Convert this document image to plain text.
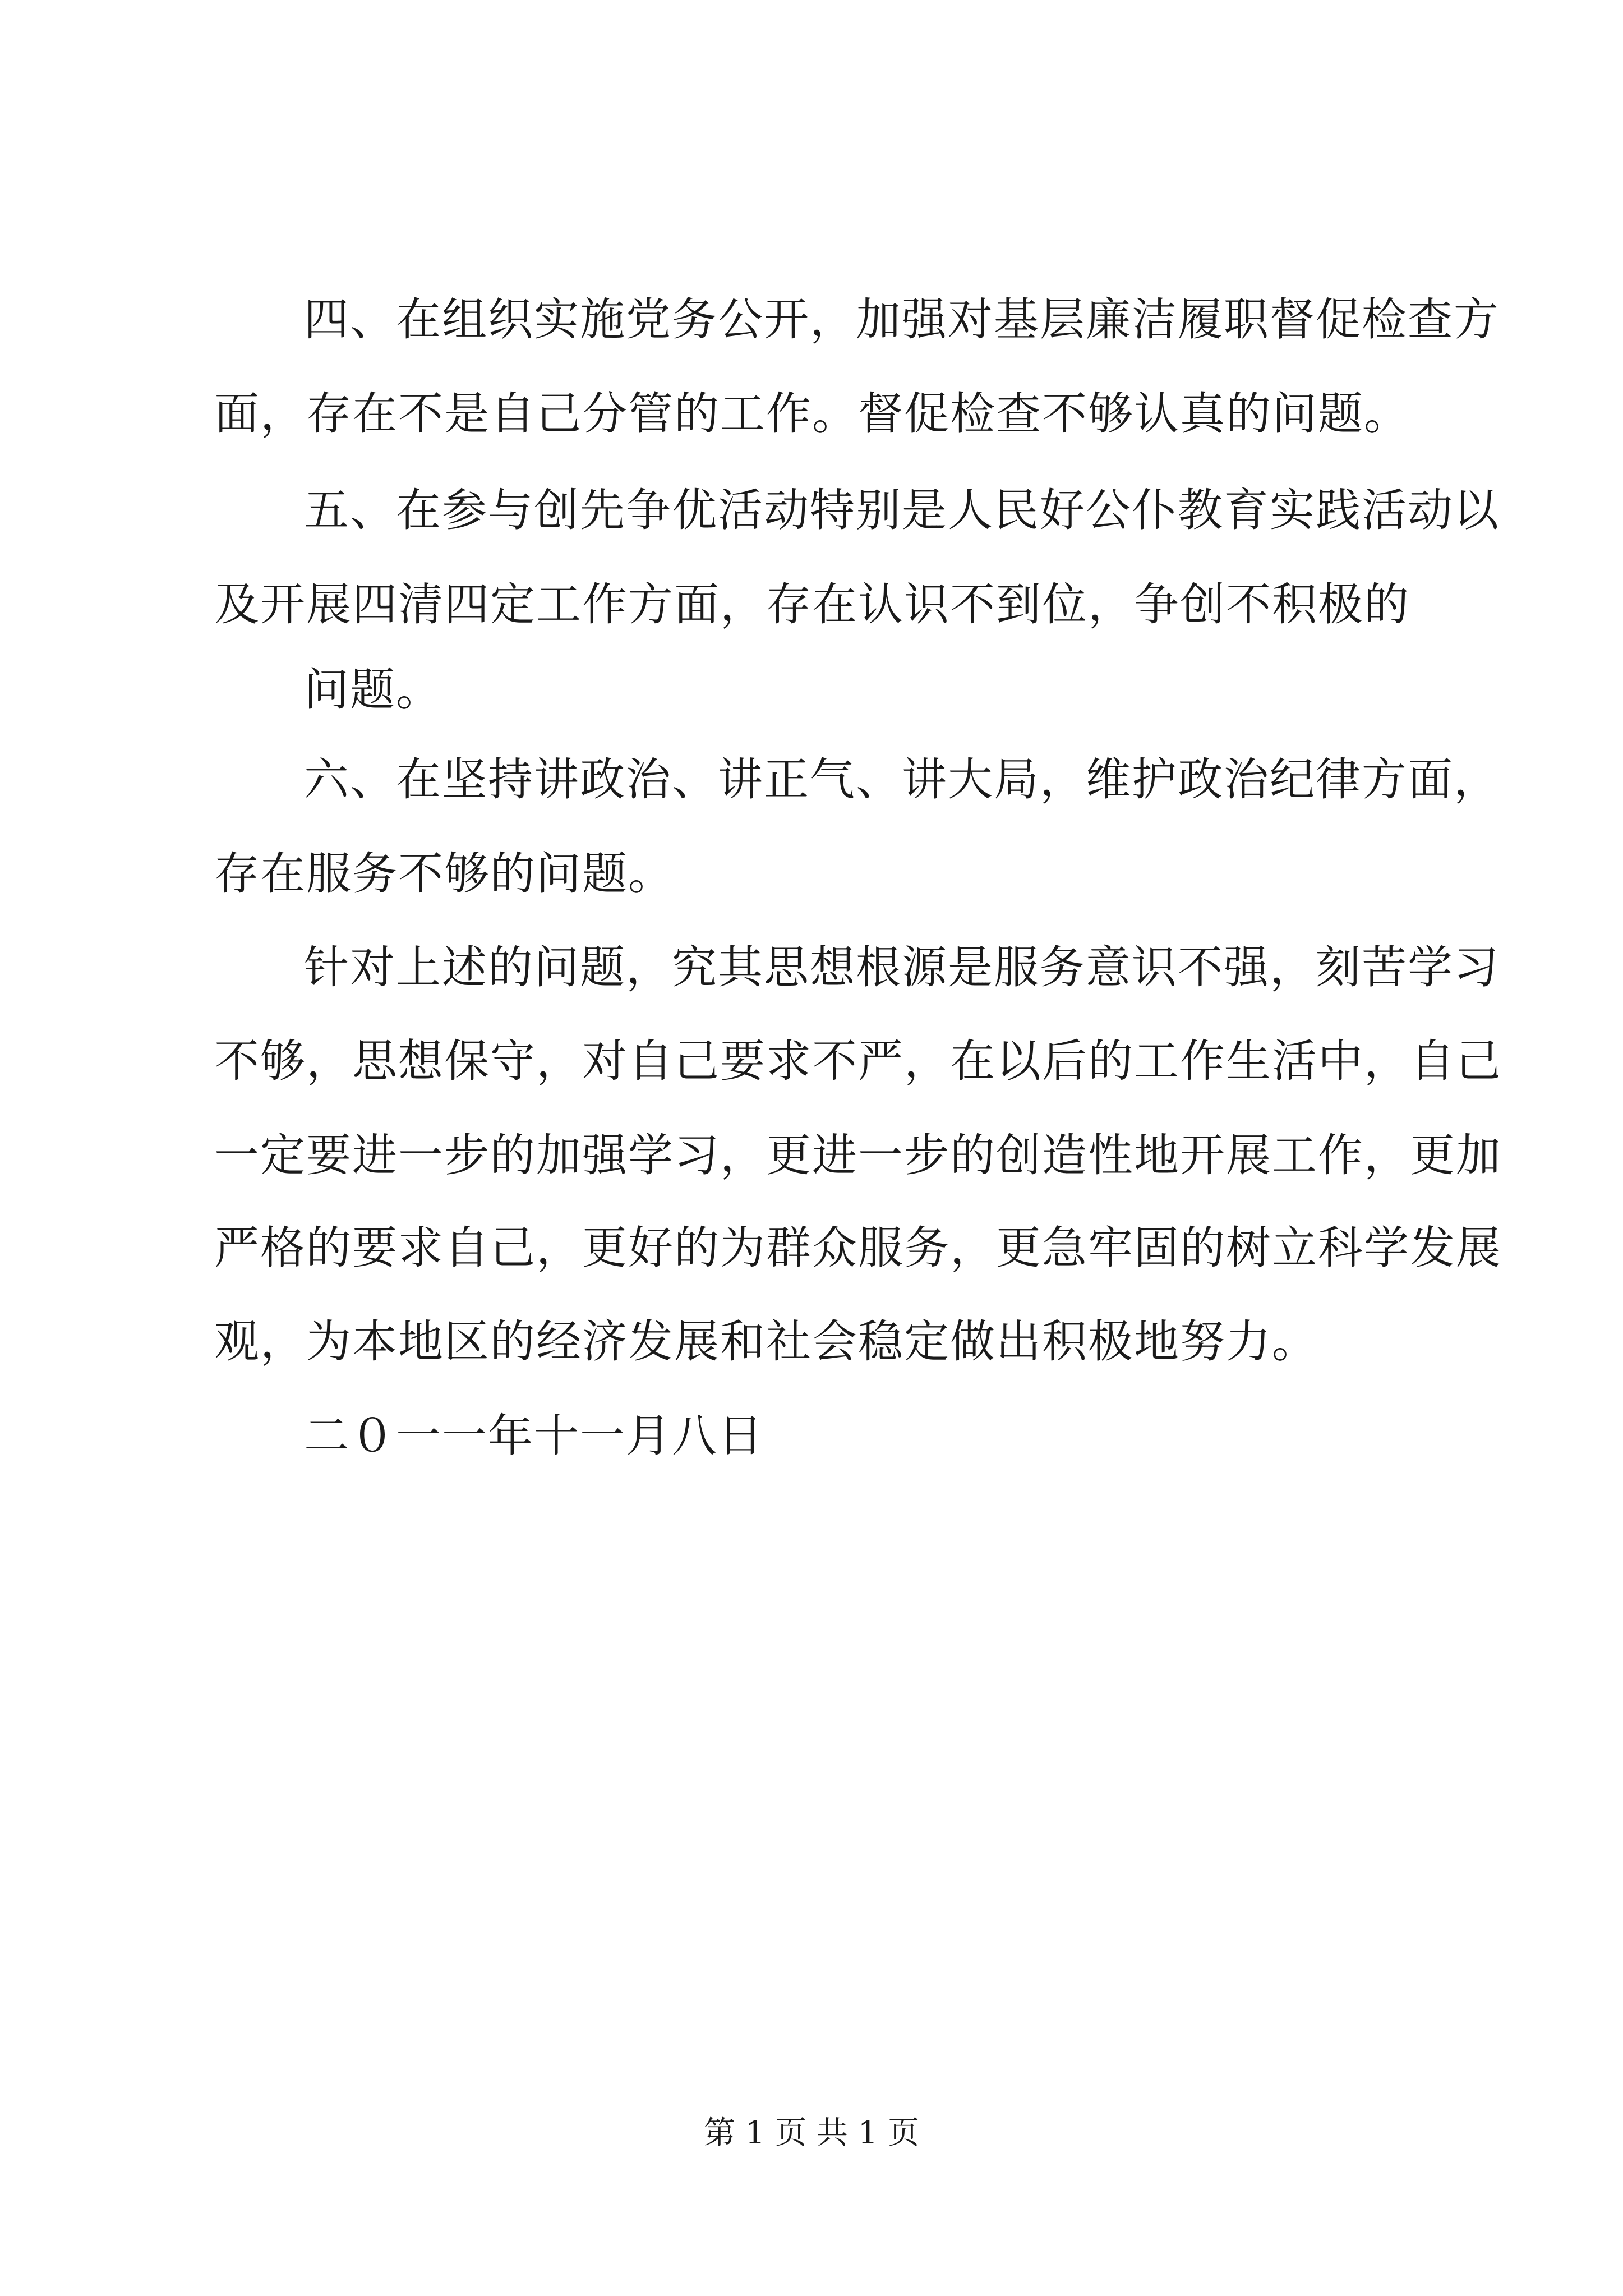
四、在组织实施党务公开，加强对基层廉洁履职督促检查方
面，存在不是自己分管的工作。督促检查不够认真的问题。
五、在参与创先争优活动特别是人民好公仆教育实践活动以
及开展四清四定工作方面，存在认识不到位，争创不积极的
问题。
六、在坚持讲政治、讲正气、讲大局，维护政治纪律方面，
存在服务不够的问题。
针对上述的问题，究其思想根源是服务意识不强，刻苦学习
不够，思想保守，对自己要求不严，在以后的工作生活中，自己
一定要进一步的加强学习，更进一步的创造性地开展工作，更加
严格的要求自己，更好的为群众服务，更急牢固的树立科学发展
观，为本地区的经济发展和社会稳定做出积极地努力。
二０一一年十一月八日
第 1 页 共 1 页
